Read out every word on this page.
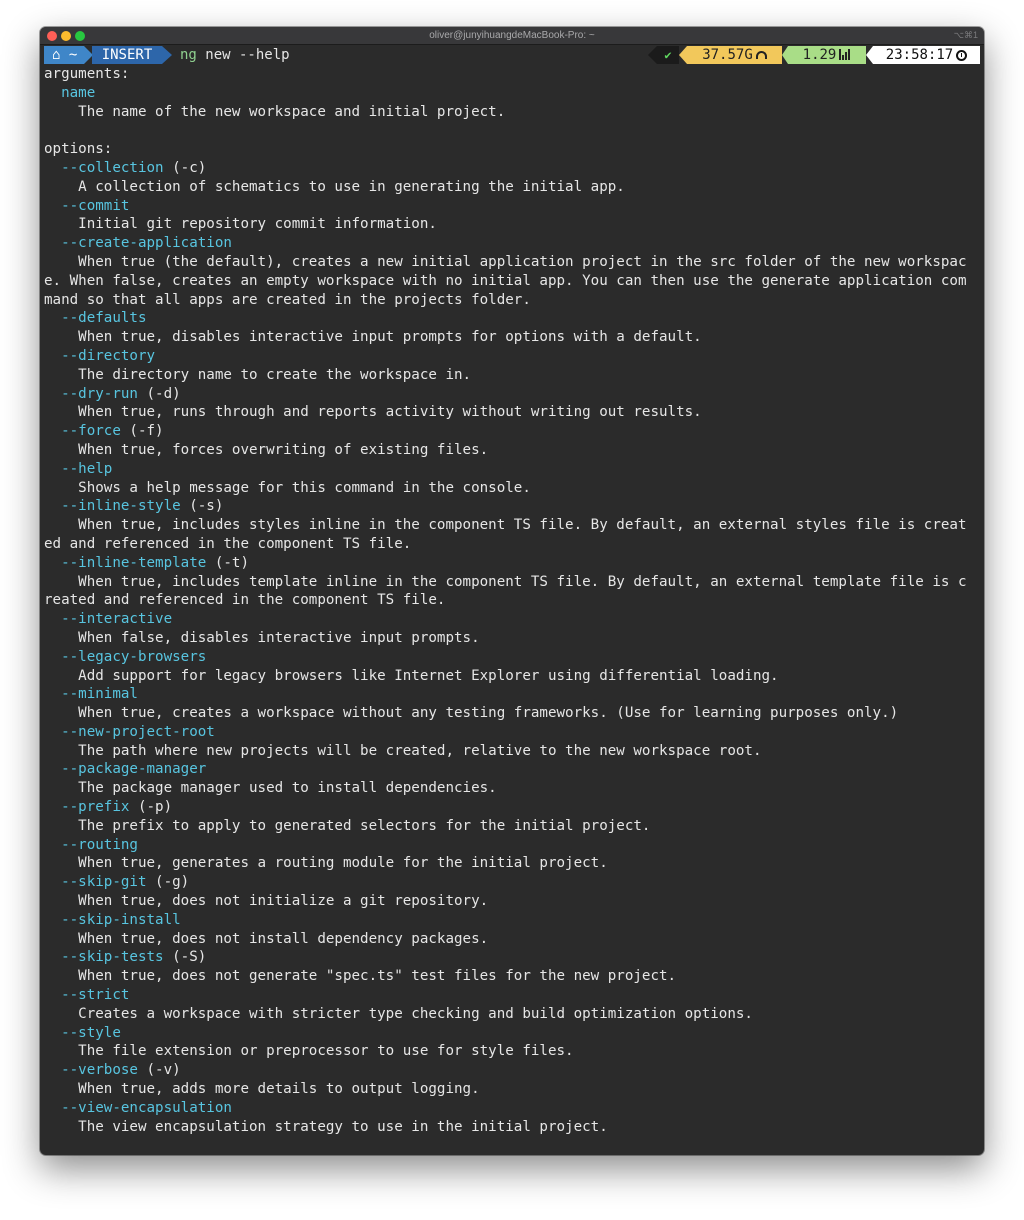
oliver@junyihuangdeMacBook-Pro: ~	⌥⌘1
⌂ ~	INSERT	ng new --help	✔	37.57G	1.29	23:58:17
arguments:
name
The name of the new workspace and initial project.
options:
--collection (-c)
A collection of schematics to use in generating the initial app.
--commit
Initial git repository commit information.
--create-application
When true (the default), creates a new initial application project in the src folder of the new workspac
e. When false, creates an empty workspace with no initial app. You can then use the generate application com
mand so that all apps are created in the projects folder.
--defaults
When true, disables interactive input prompts for options with a default.
--directory
The directory name to create the workspace in.
--dry-run (-d)
When true, runs through and reports activity without writing out results.
--force (-f)
When true, forces overwriting of existing files.
--help
Shows a help message for this command in the console.
--inline-style (-s)
When true, includes styles inline in the component TS file. By default, an external styles file is creat
ed and referenced in the component TS file.
--inline-template (-t)
When true, includes template inline in the component TS file. By default, an external template file is c
reated and referenced in the component TS file.
--interactive
When false, disables interactive input prompts.
--legacy-browsers
Add support for legacy browsers like Internet Explorer using differential loading.
--minimal
When true, creates a workspace without any testing frameworks. (Use for learning purposes only.)
--new-project-root
The path where new projects will be created, relative to the new workspace root.
--package-manager
The package manager used to install dependencies.
--prefix (-p)
The prefix to apply to generated selectors for the initial project.
--routing
When true, generates a routing module for the initial project.
--skip-git (-g)
When true, does not initialize a git repository.
--skip-install
When true, does not install dependency packages.
--skip-tests (-S)
When true, does not generate "spec.ts" test files for the new project.
--strict
Creates a workspace with stricter type checking and build optimization options.
--style
The file extension or preprocessor to use for style files.
--verbose (-v)
When true, adds more details to output logging.
--view-encapsulation
The view encapsulation strategy to use in the initial project.
